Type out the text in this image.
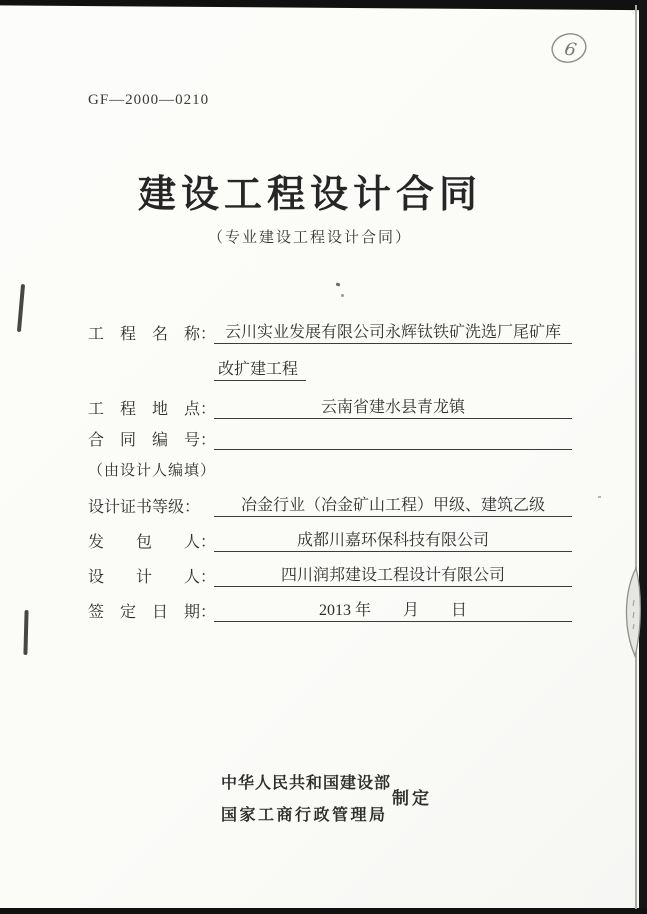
6
GF—2000—0210
建设工程设计合同
（专业建设工程设计合同）
工　程　名　称： 云川实业发展有限公司永辉钛铁矿洗选厂尾矿库
改扩建工程
工　程　地　点：	云南省建水县青龙镇
合　同　编　号：
（由设计人编填）
设计证书等级：	冶金行业（冶金矿山工程）甲级、建筑乙级
发　　包　　人：	成都川嘉环保科技有限公司
设　　计　　人：	四川润邦建设工程设计有限公司
签　定　日　期：	2013 年　　月　　日
中华人民共和国建设部
制定
国家工商行政管理局
